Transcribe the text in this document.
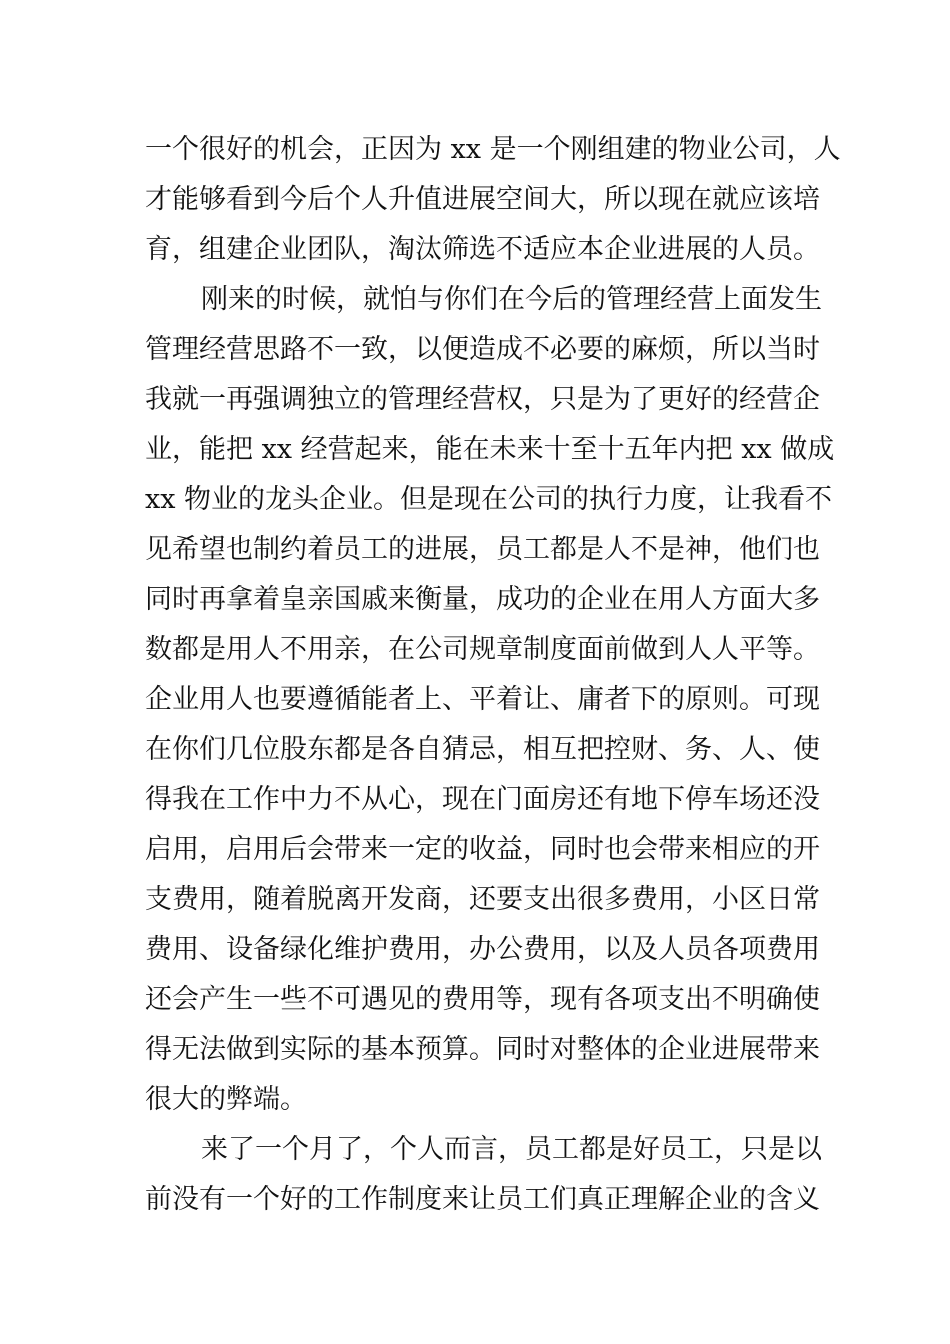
一个很好的机会，正因为 xx 是一个刚组建的物业公司，人
才能够看到今后个人升值进展空间大，所以现在就应该培
育，组建企业团队，淘汰筛选不适应本企业进展的人员。
刚来的时候，就怕与你们在今后的管理经营上面发生
管理经营思路不一致，以便造成不必要的麻烦，所以当时
我就一再强调独立的管理经营权，只是为了更好的经营企
业，能把 xx 经营起来，能在未来十至十五年内把 xx 做成
xx 物业的龙头企业。但是现在公司的执行力度，让我看不
见希望也制约着员工的进展，员工都是人不是神，他们也
同时再拿着皇亲国戚来衡量，成功的企业在用人方面大多
数都是用人不用亲，在公司规章制度面前做到人人平等。
企业用人也要遵循能者上、平着让、庸者下的原则。可现
在你们几位股东都是各自猜忌，相互把控财、务、人、使
得我在工作中力不从心，现在门面房还有地下停车场还没
启用，启用后会带来一定的收益，同时也会带来相应的开
支费用，随着脱离开发商，还要支出很多费用，小区日常
费用、设备绿化维护费用，办公费用，以及人员各项费用
还会产生一些不可遇见的费用等，现有各项支出不明确使
得无法做到实际的基本预算。同时对整体的企业进展带来
很大的弊端。
来了一个月了，个人而言，员工都是好员工，只是以
前没有一个好的工作制度来让员工们真正理解企业的含义
